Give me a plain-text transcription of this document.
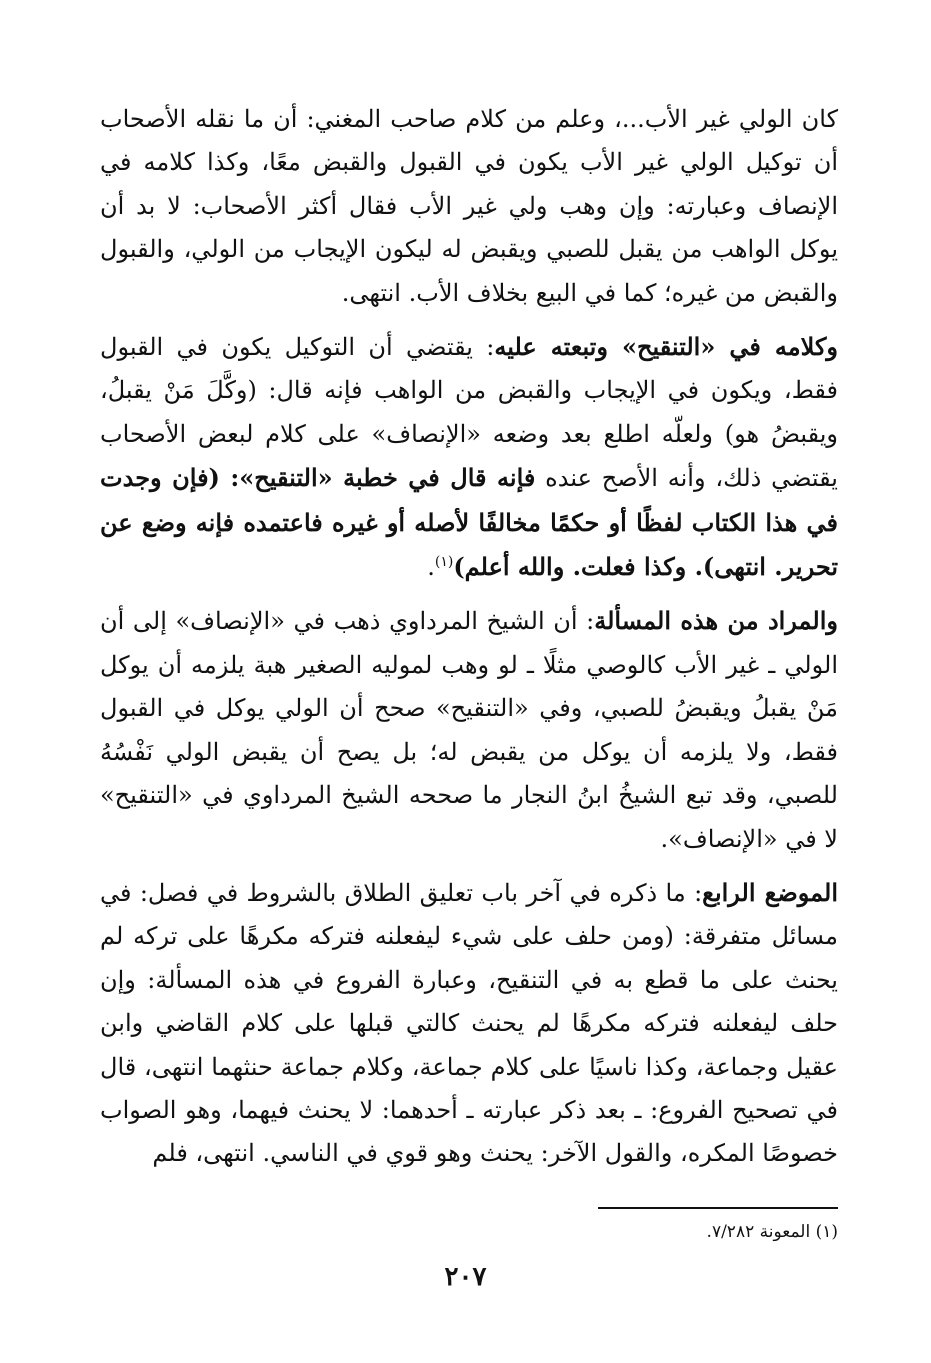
كان الولي غير الأب...، وعلم من كلام صاحب المغني: أن ما نقله الأصحاب أن توكيل الولي غير الأب يكون في القبول والقبض معًا، وكذا كلامه في الإنصاف وعبارته: وإن وهب ولي غير الأب فقال أكثر الأصحاب: لا بد أن يوكل الواهب من يقبل للصبي ويقبض له ليكون الإيجاب من الولي، والقبول والقبض من غيره؛ كما في البيع بخلاف الأب. انتهى.

وكلامه في «التنقيح» وتبعته عليه: يقتضي أن التوكيل يكون في القبول فقط، ويكون في الإيجاب والقبض من الواهب فإنه قال: (وكَّلَ مَنْ يقبلُ، ويقبضُ هو) ولعلّه اطلع بعد وضعه «الإنصاف» على كلام لبعض الأصحاب يقتضي ذلك، وأنه الأصح عنده فإنه قال في خطبة «التنقيح»: (فإن وجدت في هذا الكتاب لفظًا أو حكمًا مخالفًا لأصله أو غيره فاعتمده فإنه وضع عن تحرير. انتهى). وكذا فعلت. والله أعلم)$^{(١)}$.

والمراد من هذه المسألة: أن الشيخ المرداوي ذهب في «الإنصاف» إلى أن الولي ـ غير الأب كالوصي مثلًا ـ لو وهب لموليه الصغير هبة يلزمه أن يوكل مَنْ يقبلُ ويقبضُ للصبي، وفي «التنقيح» صحح أن الولي يوكل في القبول فقط، ولا يلزمه أن يوكل من يقبض له؛ بل يصح أن يقبض الولي نَفْسُهُ للصبي، وقد تبع الشيخُ ابنُ النجار ما صححه الشيخ المرداوي في «التنقيح» لا في «الإنصاف».

الموضع الرابع: ما ذكره في آخر باب تعليق الطلاق بالشروط في فصل: في مسائل متفرقة: (ومن حلف على شيء ليفعلنه فتركه مكرهًا على تركه لم يحنث على ما قطع به في التنقيح، وعبارة الفروع في هذه المسألة: وإن حلف ليفعلنه فتركه مكرهًا لم يحنث كالتي قبلها على كلام القاضي وابن عقيل وجماعة، وكذا ناسيًا على كلام جماعة، وكلام جماعة حنثهما انتهى، قال في تصحيح الفروع: ـ بعد ذكر عبارته ـ أحدهما: لا يحنث فيهما، وهو الصواب خصوصًا المكره، والقول الآخر: يحنث وهو قوي في الناسي. انتهى، فلم

(١) المعونة ٧/٢٨٢.
٢٠٧
